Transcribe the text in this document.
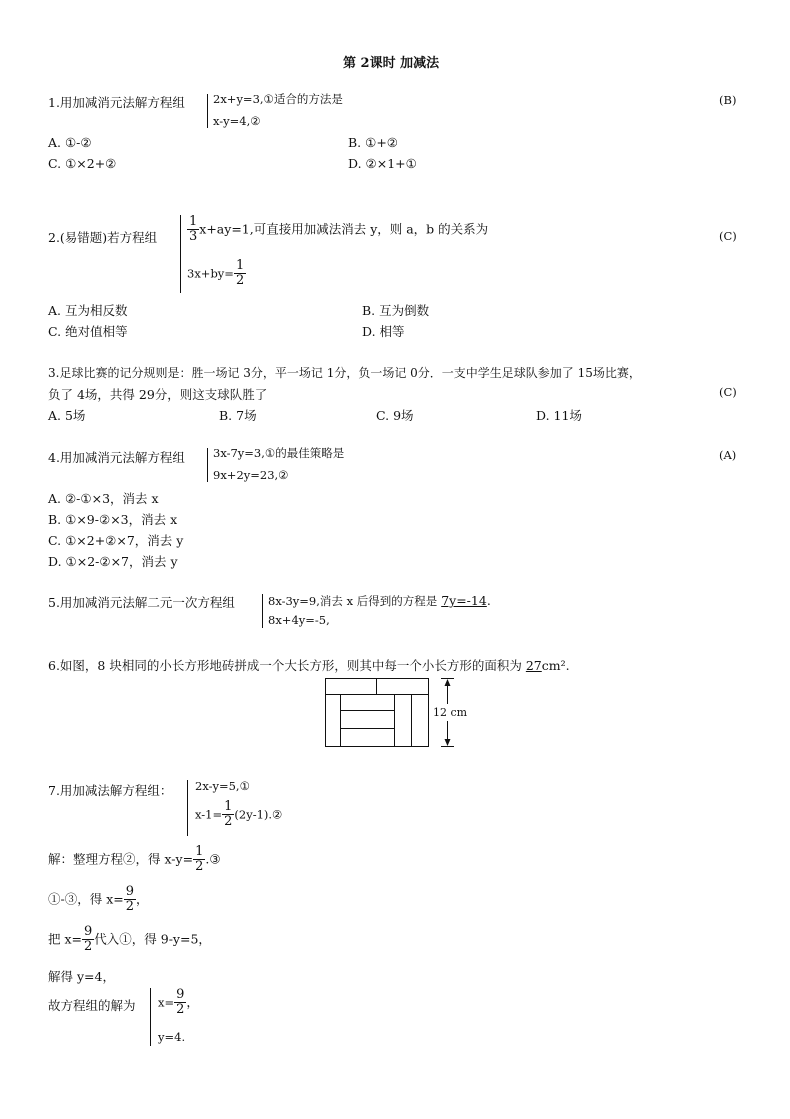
第 2课时 加减法
1.用加减消元法解方程组 2x+y=3,①适合的方法是
x-y=4,②
(B)
A. ①-②	B. ①+②
C. ①×2+②	D. ②×1+①
2.(易错题)若方程组 $\frac{1}{3} x+ay=1$,可直接用加减法消去 y，则 a，b 的关系为
$3x+by= \frac{1}{2}$
(C)
A. 互为相反数	B. 互为倒数
C. 绝对值相等	D. 相等
3.足球比赛的记分规则是：胜一场记 3分，平一场记 1分，负一场记 0分．一支中学生足球队参加了 15场比赛，
负了 4场，共得 29分，则这支球队胜了	(C)
A. 5场	B. 7场	C. 9场	D. 11场
4.用加减消元法解方程组 3x-7y=3,①的最佳策略是
9x+2y=23,②
(A)
A. ②-①×3，消去 x
B. ①×9-②×3，消去 x
C. ①×2+②×7，消去 y
D. ①×2-②×7，消去 y
5.用加减消元法解二元一次方程组	8x-3y=9,消去 x 后得到的方程是 7y=-14.
8x+4y=-5,
6.如图，8 块相同的小长方形地砖拼成一个大长方形，则其中每一个小长方形的面积为 27cm².
12 cm
7.用加减法解方程组： 2x-y=5,①
$x-1= \frac{1}{2}$ (2y-1).②
解：整理方程②，得 $x-y= \frac{1}{2}$ .③
①-③，得 $x= \frac{9}{2}$ ，
把 $x= \frac{9}{2}$ 代入①，得 9-y=5，
解得 y=4，
故方程组的解为 $x= \frac{9}{2}$ ，
y=4.
